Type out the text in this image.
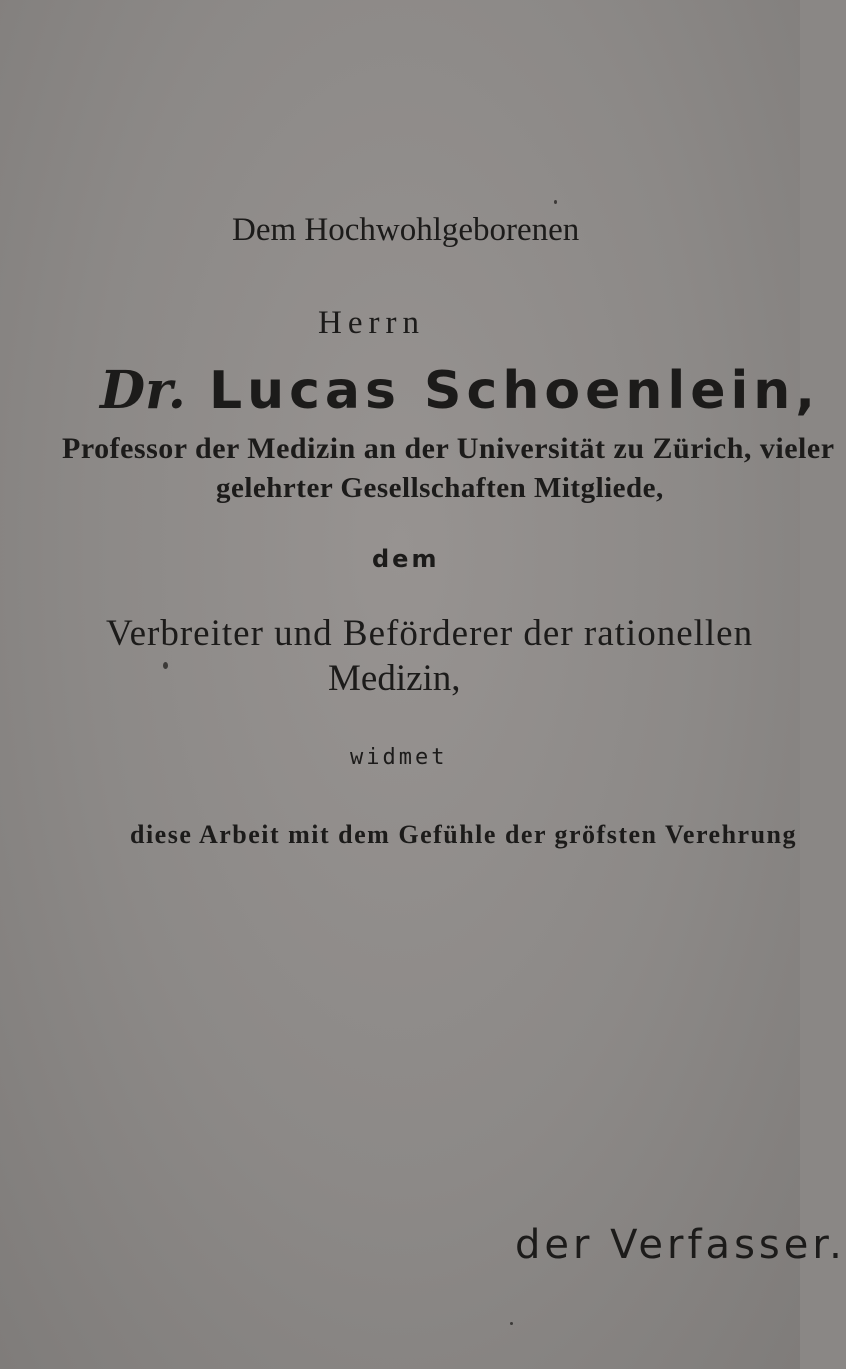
Dem Hochwohlgeborenen

Herrn

Dr. Lucas Schoenlein,

Professor der Medizin an der Universität zu Zürich, vieler

gelehrter Gesellschaften Mitgliede,

dem

Verbreiter und Beförderer der rationellen

Medizin,

widmet

diese Arbeit mit dem Gefühle der gröfsten Verehrung

der Verfasser.
